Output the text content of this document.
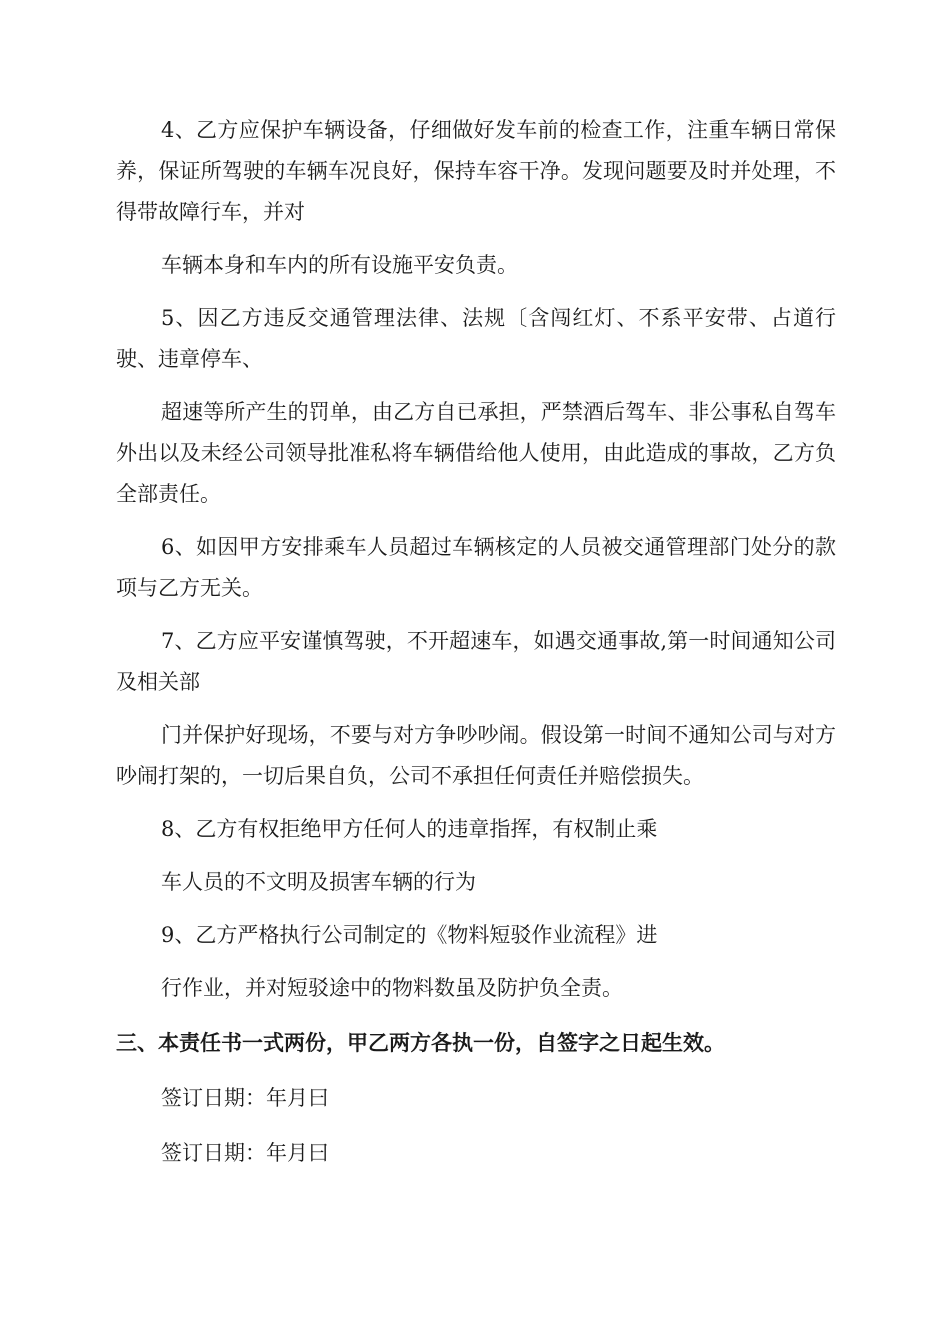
4、乙方应保护车辆设备，仔细做好发车前的检查工作，注重车辆日常保养，保证所驾驶的车辆车况良好，保持车容干净。发现问题要及时并处理，不得带故障行车，并对

车辆本身和车内的所有设施平安负责。

5、因乙方违反交通管理法律、法规〔含闯红灯、不系平安带、占道行驶、违章停车、

超速等所产生的罚单，由乙方自已承担，严禁酒后驾车、非公事私自驾车外出以及未经公司领导批准私将车辆借给他人使用，由此造成的事故，乙方负全部责任。

6、如因甲方安排乘车人员超过车辆核定的人员被交通管理部门处分的款项与乙方无关。

7、乙方应平安谨慎驾驶，不开超速车，如遇交通事故,第一时间通知公司及相关部

门并保护好现场，不要与对方争吵吵闹。假设第一时间不通知公司与对方吵闹打架的，一切后果自负，公司不承担任何责任并赔偿损失。

8、乙方有权拒绝甲方任何人的违章指挥，有权制止乘

车人员的不文明及损害车辆的行为

9、乙方严格执行公司制定的《物料短驳作业流程》进

行作业，并对短驳途中的物料数虽及防护负全责。

三、本责任书一式两份，甲乙两方各执一份，自签字之日起生效。

签订日期：年月曰

签订日期：年月曰
